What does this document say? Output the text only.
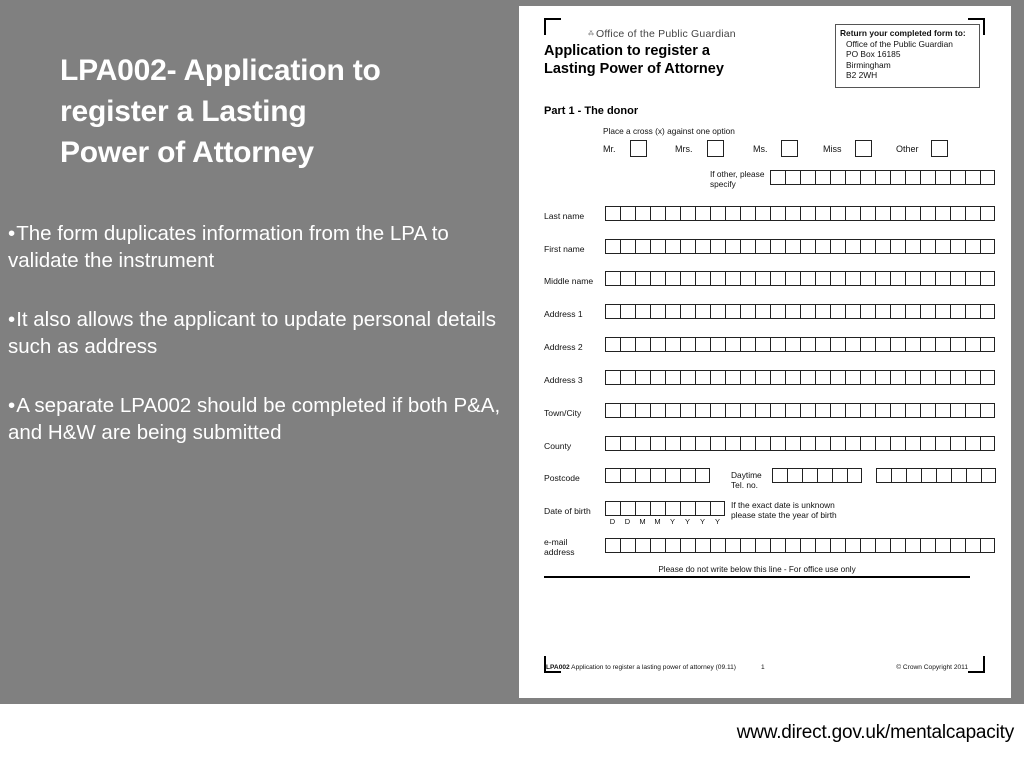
LPA002- Application to
register a Lasting
Power of Attorney

•The form duplicates information from the LPA to validate the instrument

•It also allows the applicant to update personal details such as address

•A separate LPA002 should be completed if both P&A, and H&W are being submitted

www.direct.gov.uk/mentalcapacity
⁂ Office of the Public Guardian
Application to register a
Lasting Power of Attorney
Return your completed form to:
Office of the Public Guardian
PO Box 16185
Birmingham
B2 2WH
Part 1 - The donor
Place a cross (x) against one option
Mr.	Mrs.	Ms.	Miss	Other
If other, please
specify
Last name
First name
Middle name
Address 1
Address 2
Address 3
Town/City
County
Postcode	Daytime
Tel. no.
Date of birth
D	D	M	M	Y	Y	Y	Y
If the exact date is unknown
please state the year of birth
e-mail
address
Please do not write below this line - For office use only
LPA002 Application to register a lasting power of attorney (09.11)	1	© Crown Copyright 2011
